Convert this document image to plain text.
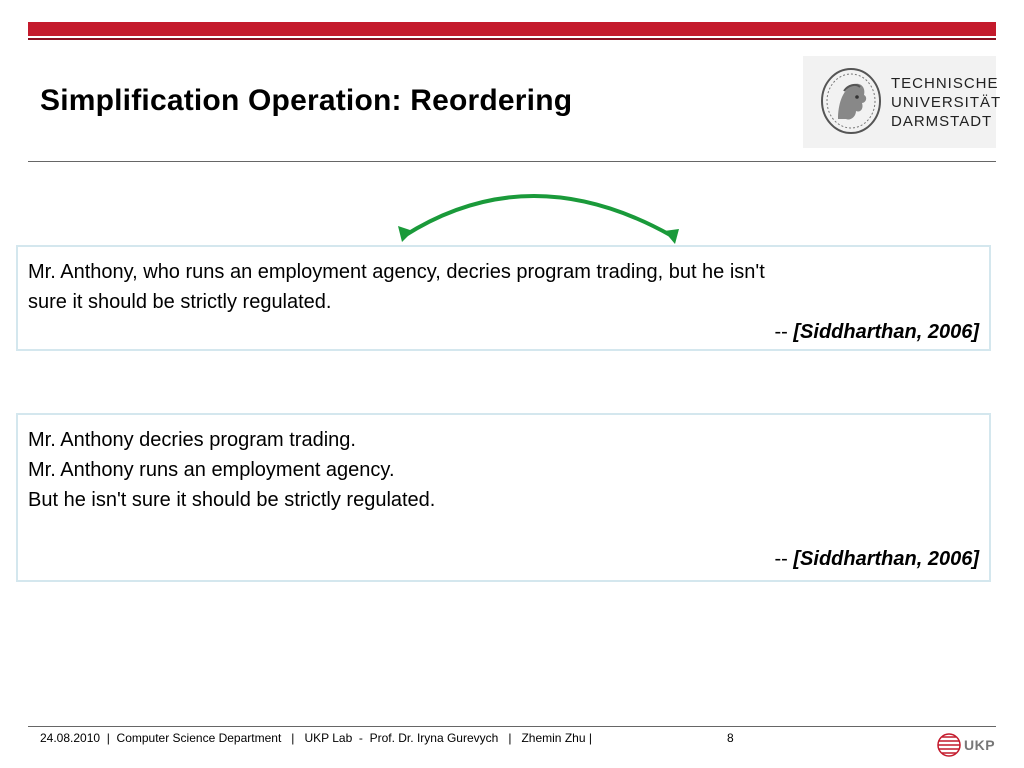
Simplification Operation: Reordering
TECHNISCHE
UNIVERSITÄT
DARMSTADT
Mr. Anthony, who runs an employment agency, decries program trading, but he isn't
sure it should be strictly regulated.
-- [Siddharthan, 2006]
Mr. Anthony decries program trading.
Mr. Anthony runs an employment agency.
But he isn't sure it should be strictly regulated.
-- [Siddharthan, 2006]
24.08.2010 | Computer Science Department | UKP Lab - Prof. Dr. Iryna Gurevych | Zhemin Zhu |	8	UKP
